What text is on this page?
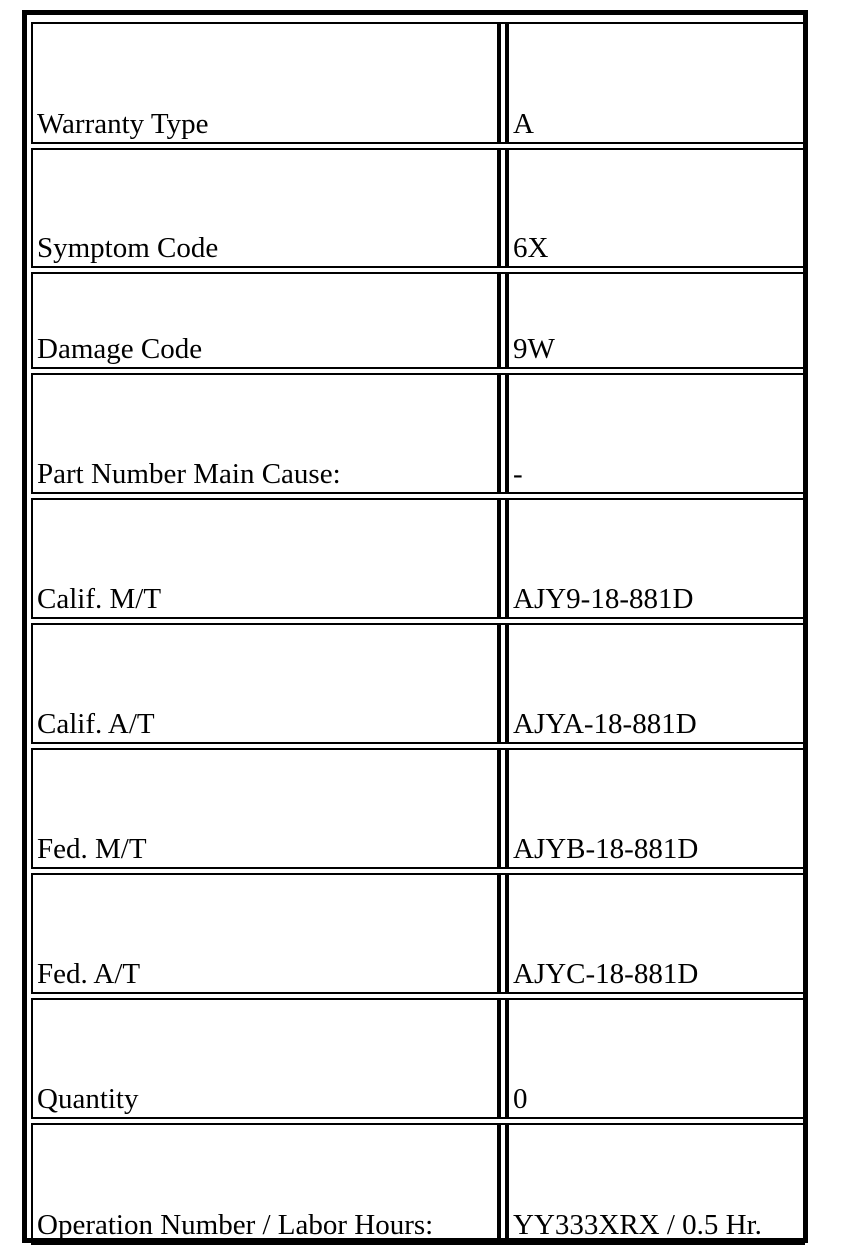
Warranty Type		A
Symptom Code		6X
Damage Code		9W
Part Number Main Cause:		-
Calif. M/T		AJY9-18-881D
Calif. A/T		AJYA-18-881D
Fed. M/T		AJYB-18-881D
Fed. A/T		AJYC-18-881D
Quantity		0
Operation Number / Labor Hours:		YY333XRX / 0.5 Hr.
